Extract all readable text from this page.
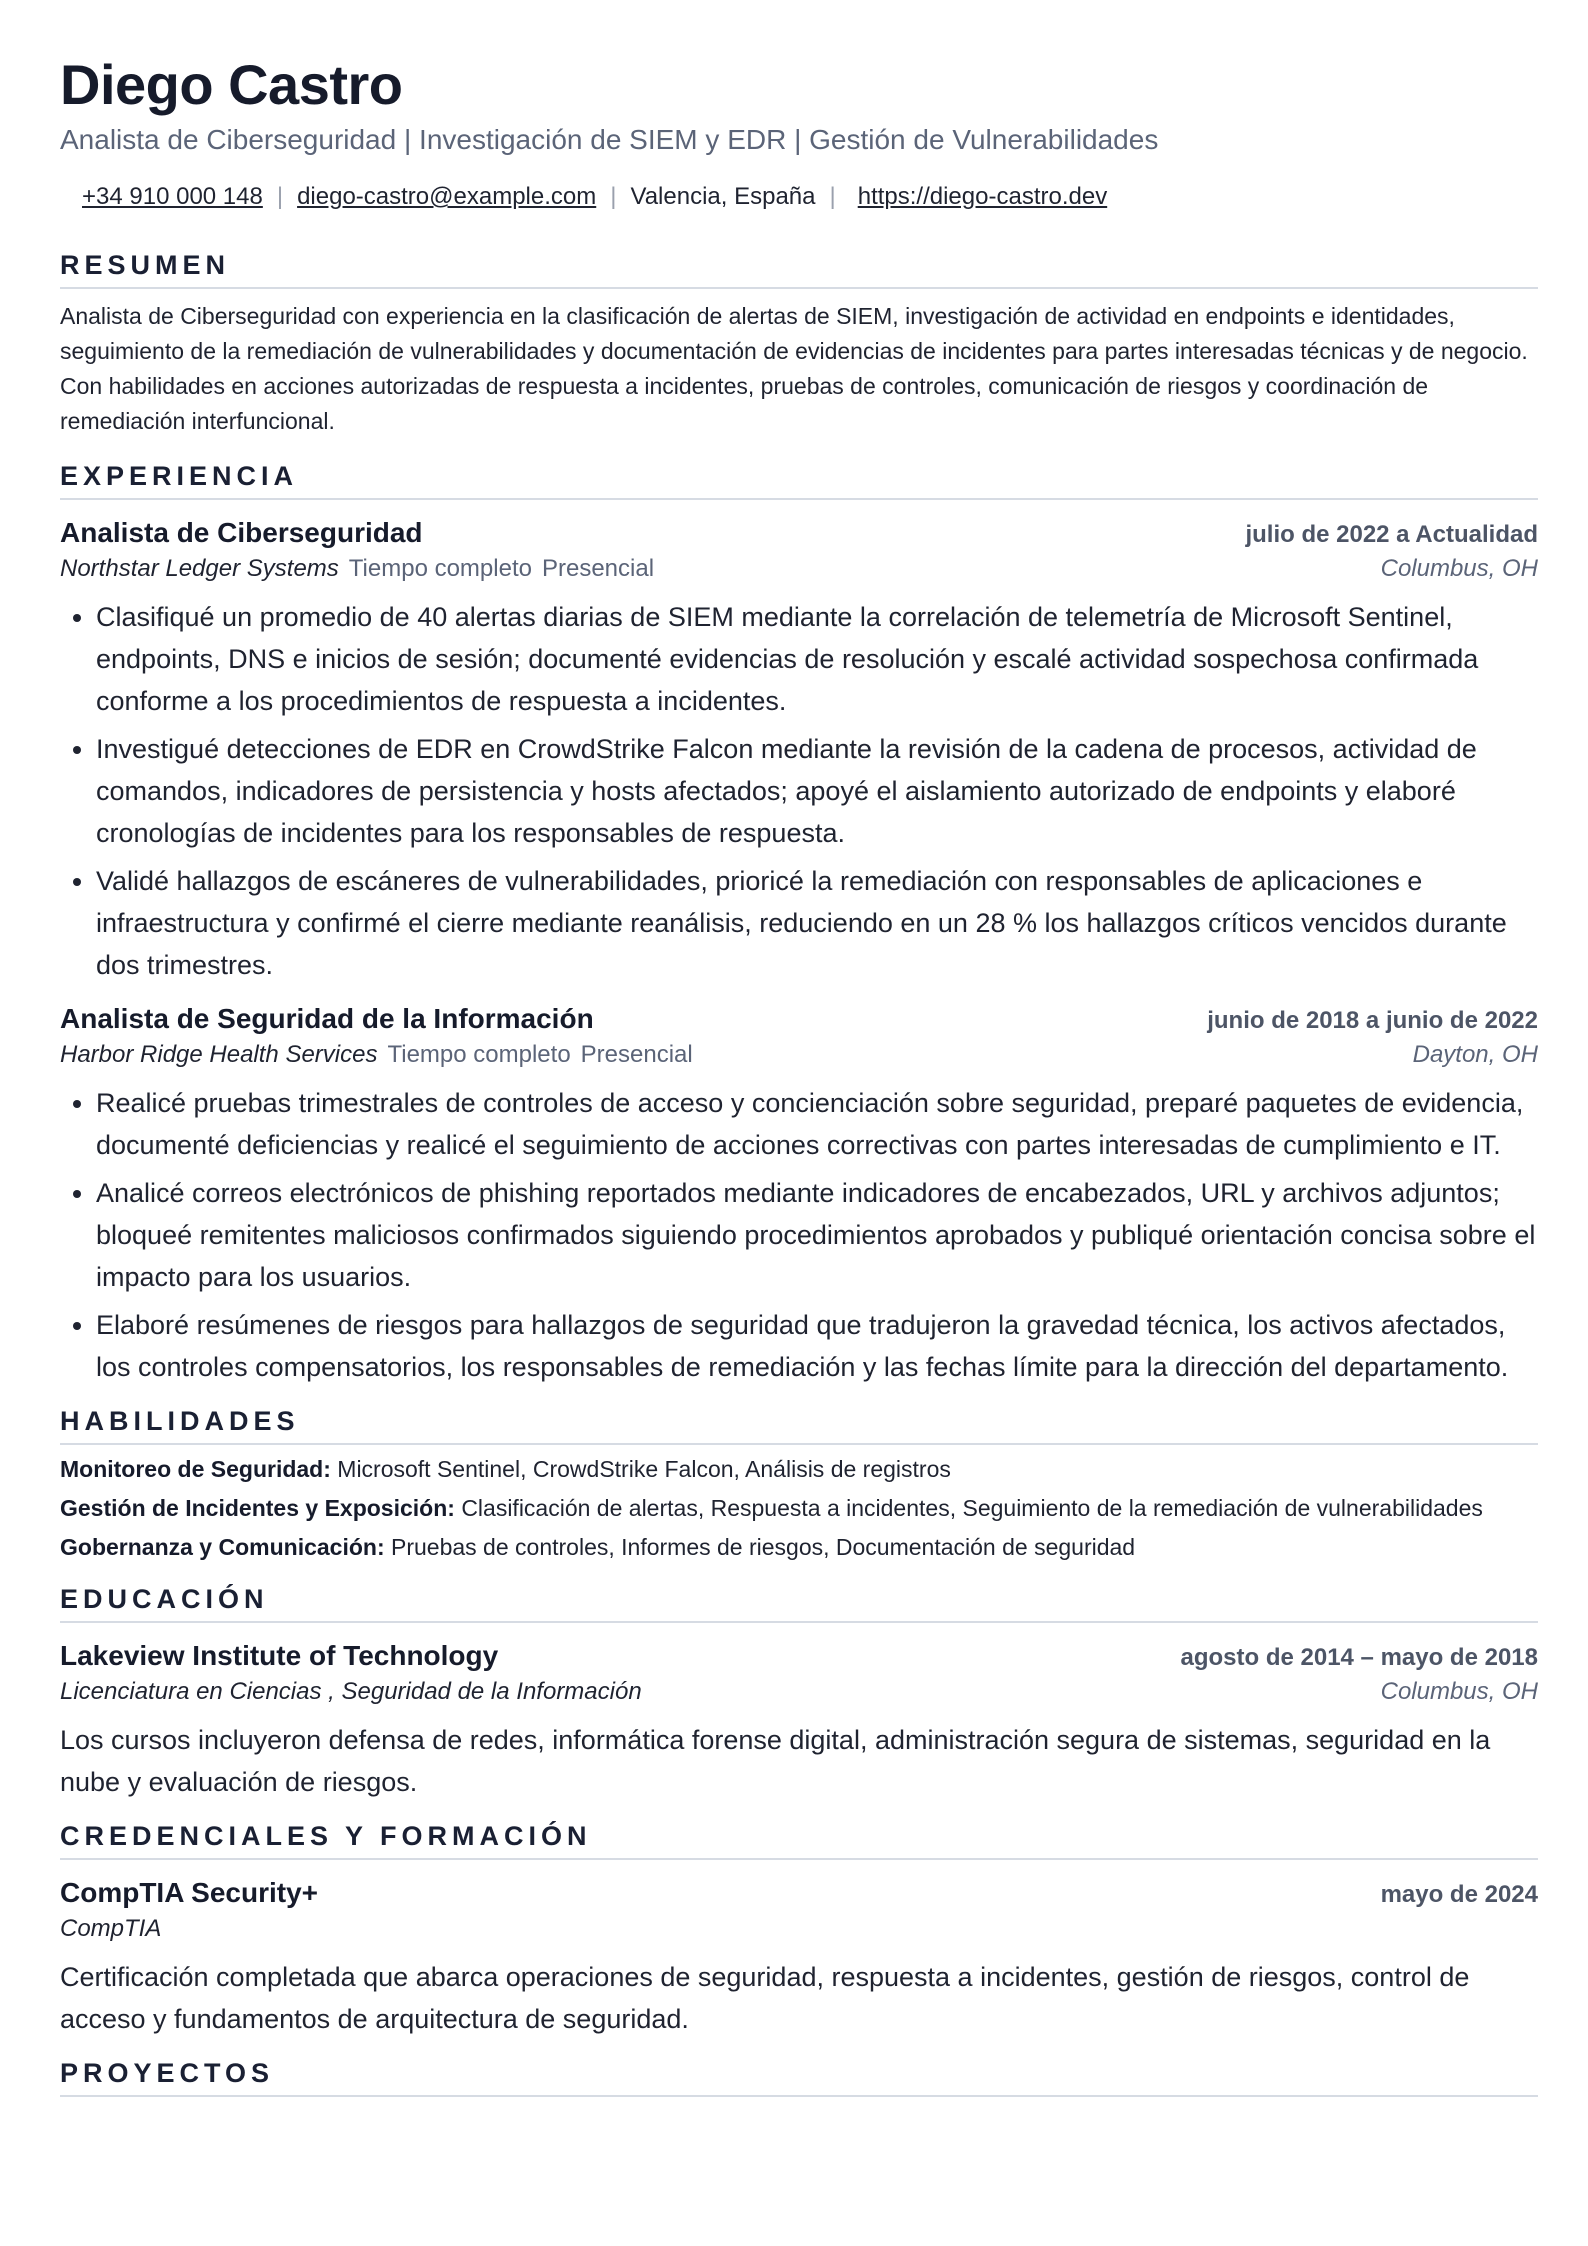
Diego Castro
Analista de Ciberseguridad | Investigación de SIEM y EDR | Gestión de Vulnerabilidades
+34 910 000 148 | diego-castro@example.com | Valencia, España | https://diego-castro.dev
RESUMEN
Analista de Ciberseguridad con experiencia en la clasificación de alertas de SIEM, investigación de actividad en endpoints e identidades, seguimiento de la remediación de vulnerabilidades y documentación de evidencias de incidentes para partes interesadas técnicas y de negocio. Con habilidades en acciones autorizadas de respuesta a incidentes, pruebas de controles, comunicación de riesgos y coordinación de remediación interfuncional.
EXPERIENCIA
Analista de Ciberseguridad	julio de 2022 a Actualidad
Northstar Ledger Systems Tiempo completo Presencial	Columbus, OH
• Clasifiqué un promedio de 40 alertas diarias de SIEM mediante la correlación de telemetría de Microsoft Sentinel, endpoints, DNS e inicios de sesión; documenté evidencias de resolución y escalé actividad sospechosa confirmada conforme a los procedimientos de respuesta a incidentes.
• Investigué detecciones de EDR en CrowdStrike Falcon mediante la revisión de la cadena de procesos, actividad de comandos, indicadores de persistencia y hosts afectados; apoyé el aislamiento autorizado de endpoints y elaboré cronologías de incidentes para los responsables de respuesta.
• Validé hallazgos de escáneres de vulnerabilidades, prioricé la remediación con responsables de aplicaciones e infraestructura y confirmé el cierre mediante reanálisis, reduciendo en un 28 % los hallazgos críticos vencidos durante dos trimestres.
Analista de Seguridad de la Información	junio de 2018 a junio de 2022
Harbor Ridge Health Services Tiempo completo Presencial	Dayton, OH
• Realicé pruebas trimestrales de controles de acceso y concienciación sobre seguridad, preparé paquetes de evidencia, documenté deficiencias y realicé el seguimiento de acciones correctivas con partes interesadas de cumplimiento e IT.
• Analicé correos electrónicos de phishing reportados mediante indicadores de encabezados, URL y archivos adjuntos; bloqueé remitentes maliciosos confirmados siguiendo procedimientos aprobados y publiqué orientación concisa sobre el impacto para los usuarios.
• Elaboré resúmenes de riesgos para hallazgos de seguridad que tradujeron la gravedad técnica, los activos afectados, los controles compensatorios, los responsables de remediación y las fechas límite para la dirección del departamento.
HABILIDADES
Monitoreo de Seguridad: Microsoft Sentinel, CrowdStrike Falcon, Análisis de registros
Gestión de Incidentes y Exposición: Clasificación de alertas, Respuesta a incidentes, Seguimiento de la remediación de vulnerabilidades
Gobernanza y Comunicación: Pruebas de controles, Informes de riesgos, Documentación de seguridad
EDUCACIÓN
Lakeview Institute of Technology	agosto de 2014 – mayo de 2018
Licenciatura en Ciencias , Seguridad de la Información	Columbus, OH
Los cursos incluyeron defensa de redes, informática forense digital, administración segura de sistemas, seguridad en la nube y evaluación de riesgos.
CREDENCIALES Y FORMACIÓN
CompTIA Security+	mayo de 2024
CompTIA
Certificación completada que abarca operaciones de seguridad, respuesta a incidentes, gestión de riesgos, control de acceso y fundamentos de arquitectura de seguridad.
PROYECTOS
